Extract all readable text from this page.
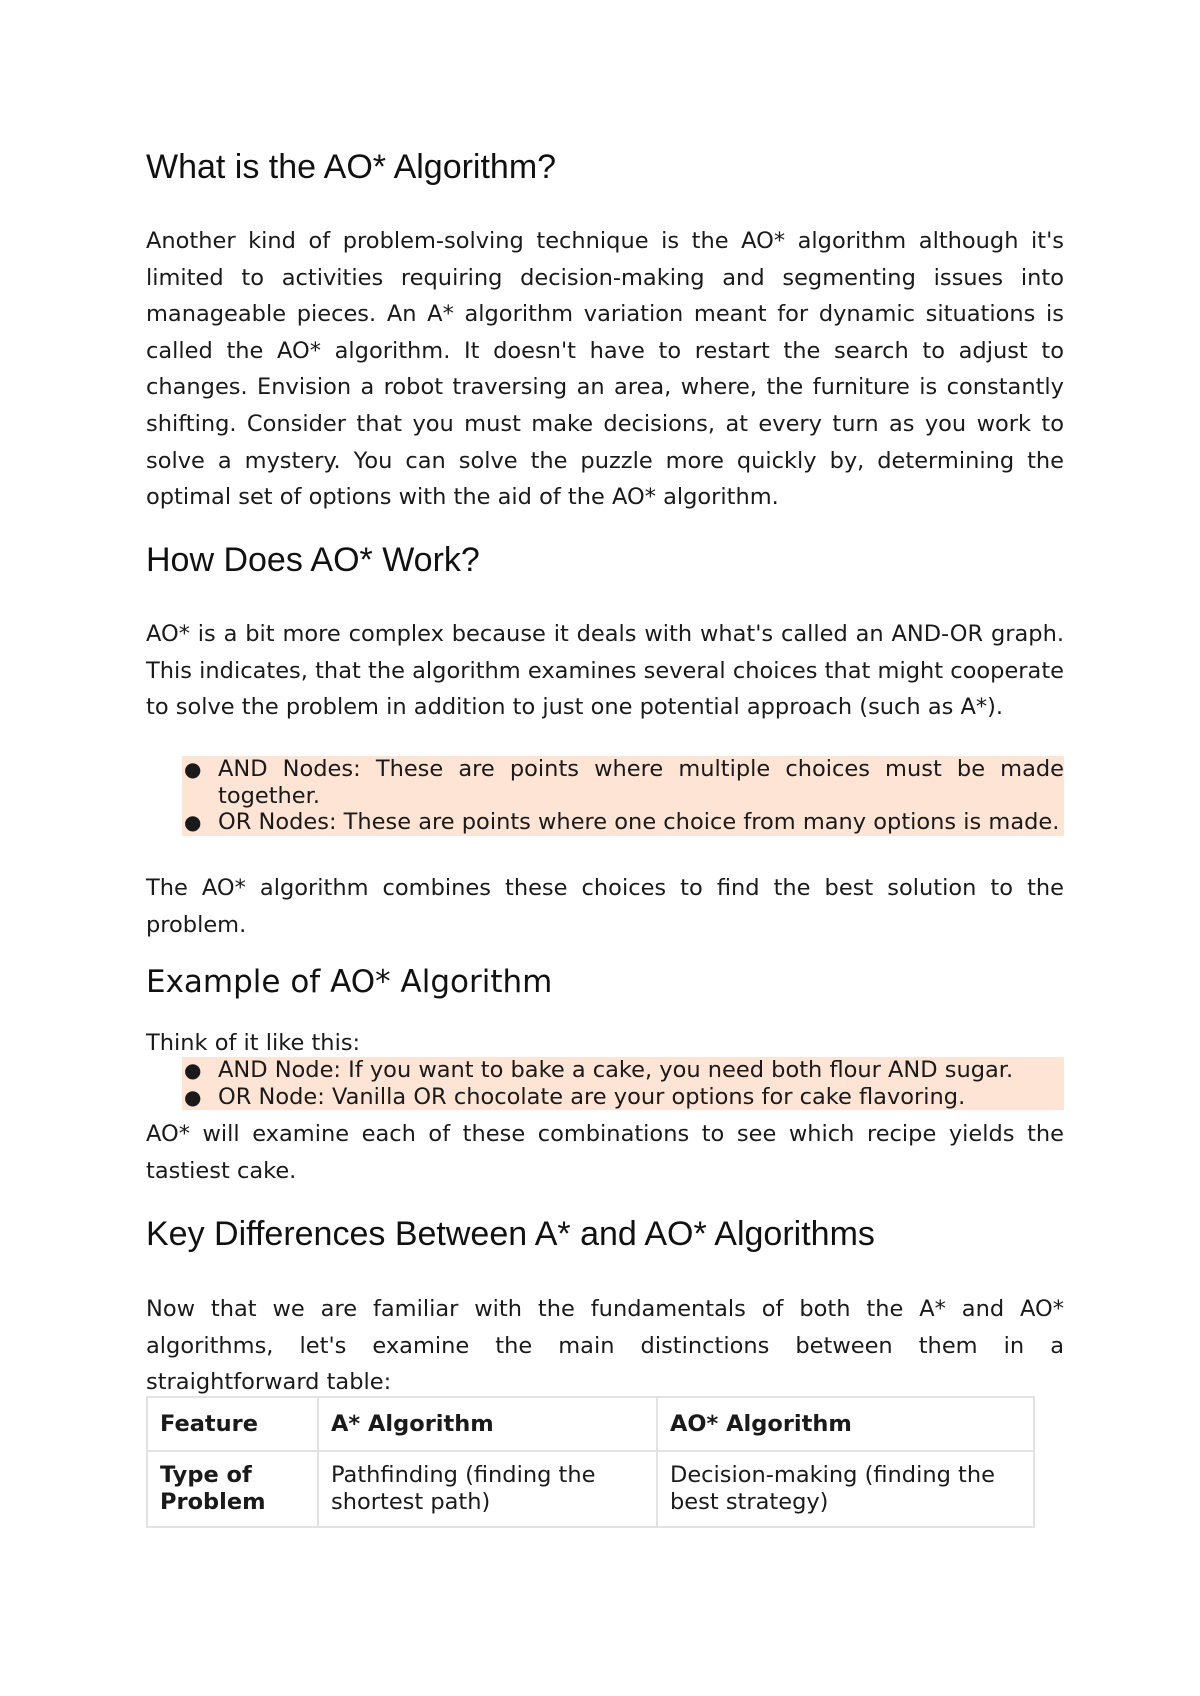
What is the AO* Algorithm?

Another kind of problem-solving technique is the AO* algorithm although it's limited to activities requiring decision-making and segmenting issues into manageable pieces. An A* algorithm variation meant for dynamic situations is called the AO* algorithm. It doesn't have to restart the search to adjust to changes. Envision a robot traversing an area, where, the furniture is constantly shifting. Consider that you must make decisions, at every turn as you work to solve a mystery. You can solve the puzzle more quickly by, determining the optimal set of options with the aid of the AO* algorithm.

How Does AO* Work?

AO* is a bit more complex because it deals with what's called an AND-OR graph. This indicates, that the algorithm examines several choices that might cooperate to solve the problem in addition to just one potential approach (such as A*).

● AND Nodes: These are points where multiple choices must be made together.
● OR Nodes: These are points where one choice from many options is made.

The AO* algorithm combines these choices to find the best solution to the problem.

Example of AO* Algorithm

Think of it like this:

● AND Node: If you want to bake a cake, you need both flour AND sugar.
● OR Node: Vanilla OR chocolate are your options for cake flavoring.

AO* will examine each of these combinations to see which recipe yields the tastiest cake.

Key Differences Between A* and AO* Algorithms

Now that we are familiar with the fundamentals of both the A* and AO* algorithms, let's examine the main distinctions between them in a straightforward table:

Feature	A* Algorithm	AO* Algorithm
Type of Problem	Pathfinding (finding the shortest path)	Decision-making (finding the best strategy)
